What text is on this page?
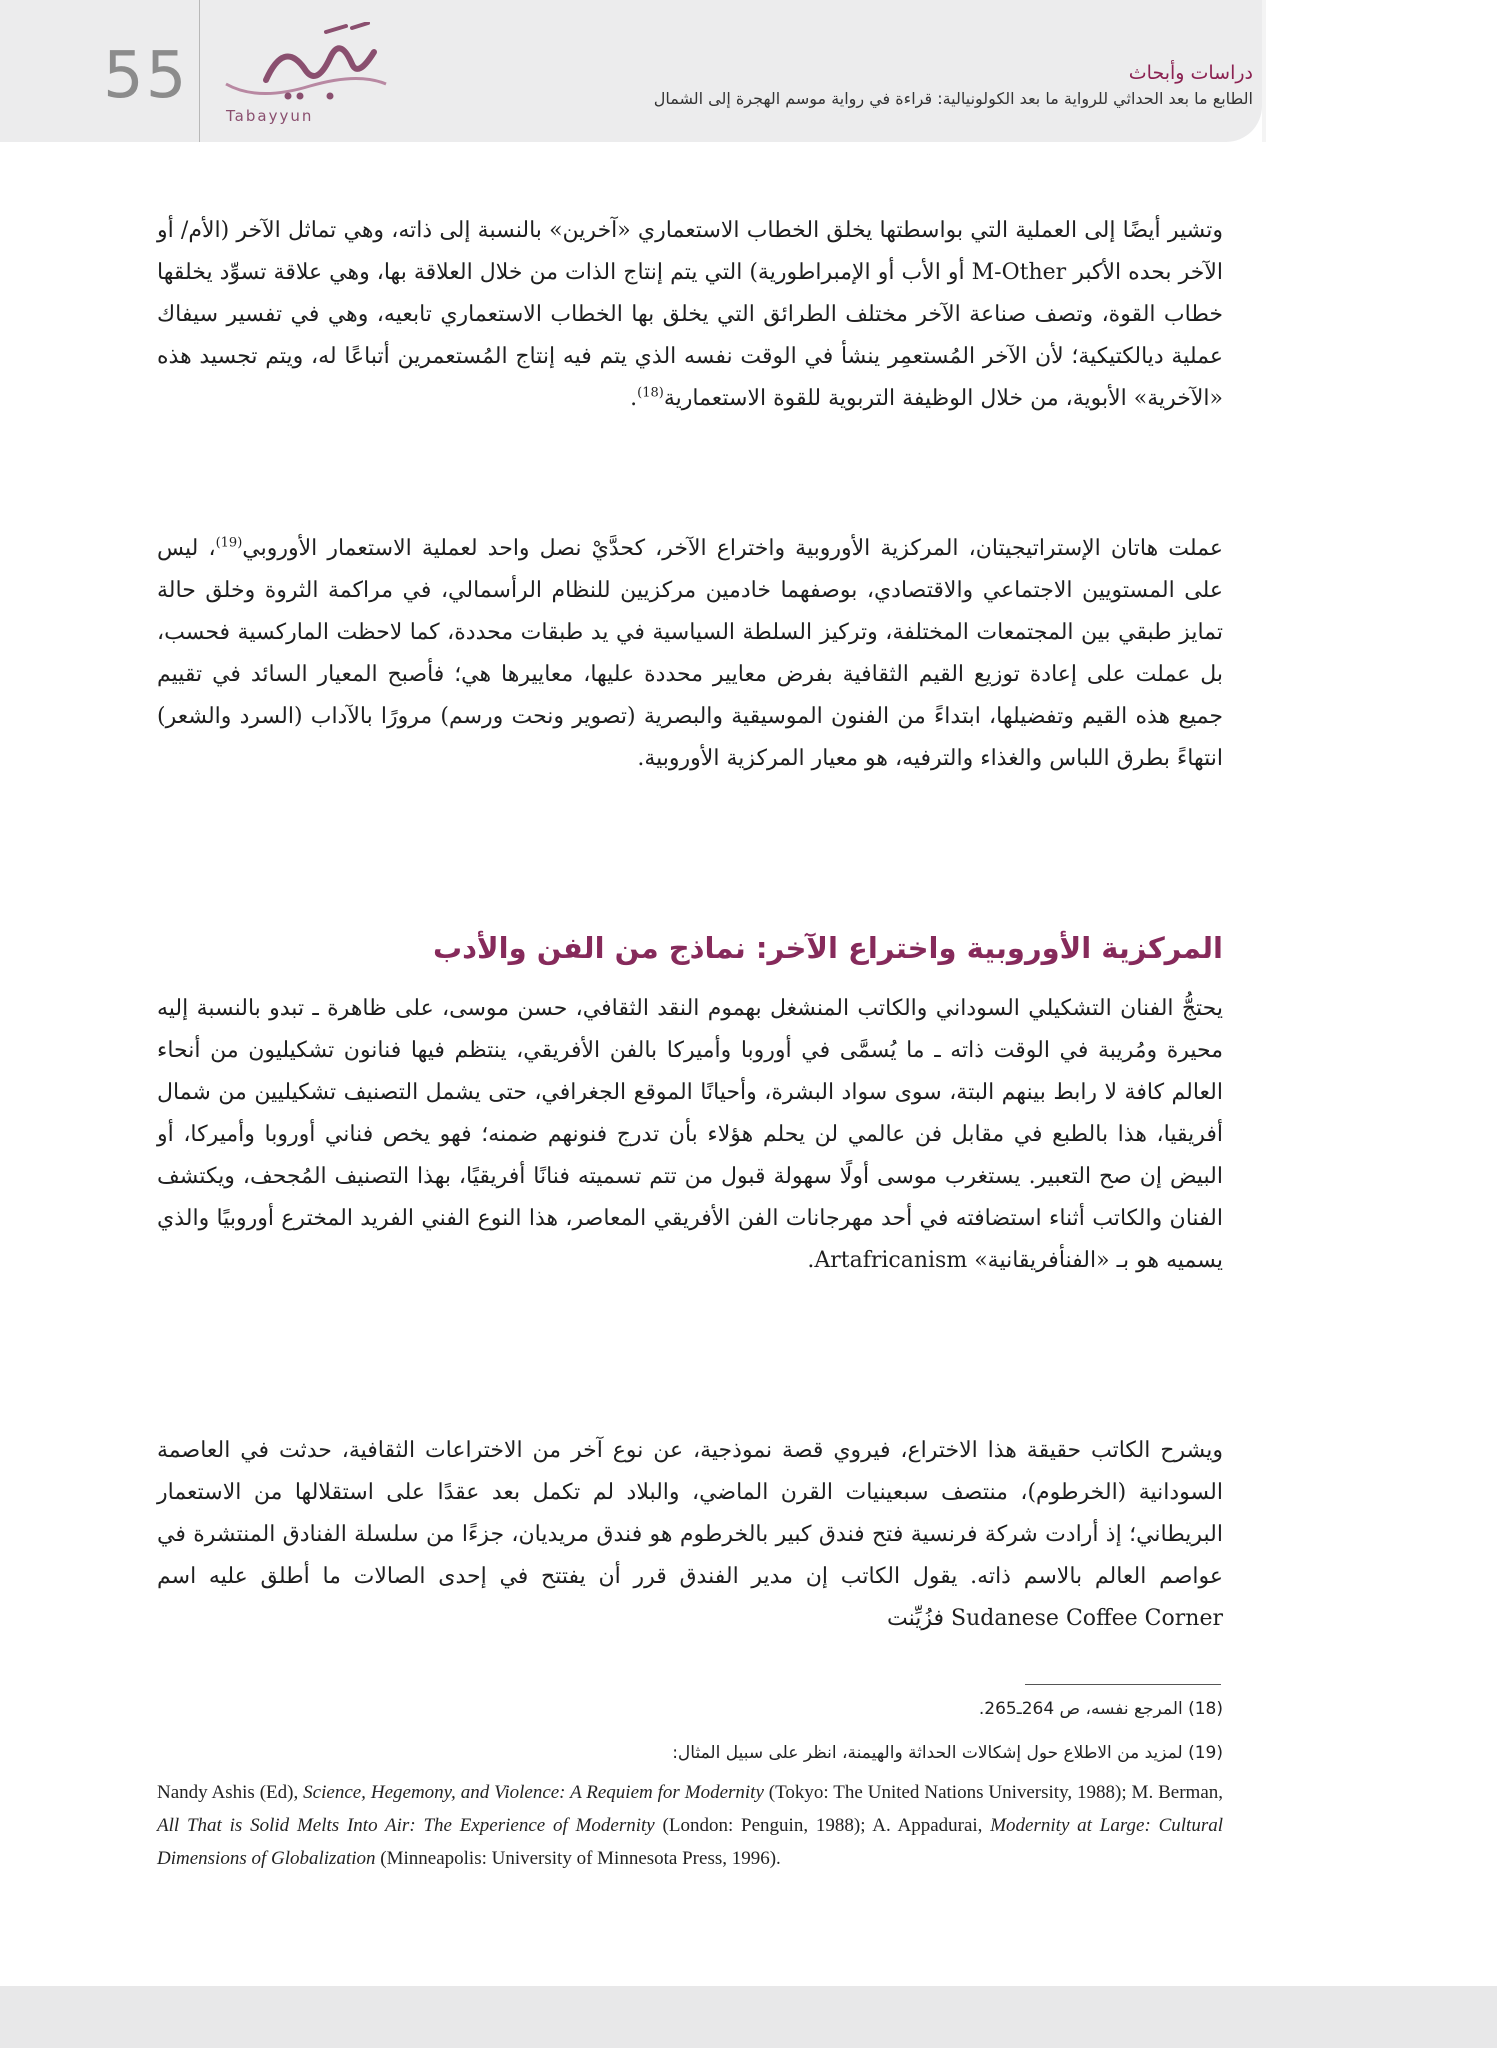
55
Tabayyun
دراسات وأبحاث
الطابع ما بعد الحداثي للرواية ما بعد الكولونيالية: قراءة في رواية موسم الهجرة إلى الشمال

وتشير أيضًا إلى العملية التي بواسطتها يخلق الخطاب الاستعماري «آخرين» بالنسبة إلى ذاته، وهي تماثل الآخر (الأم/ أو الآخر بحده الأكبر M-Other أو الأب أو الإمبراطورية) التي يتم إنتاج الذات من خلال العلاقة بها، وهي علاقة تسوِّد يخلقها خطاب القوة، وتصف صناعة الآخر مختلف الطرائق التي يخلق بها الخطاب الاستعماري تابعيه، وهي في تفسير سيفاك عملية ديالكتيكية؛ لأن الآخر المُستعمِر ينشأ في الوقت نفسه الذي يتم فيه إنتاج المُستعمرين أتباعًا له، ويتم تجسيد هذه «الآخرية» الأبوية، من خلال الوظيفة التربوية للقوة الاستعمارية$^{(18)}$.

عملت هاتان الإستراتيجيتان، المركزية الأوروبية واختراع الآخر، كحدَّيْ نصل واحد لعملية الاستعمار الأوروبي$^{(19)}$، ليس على المستويين الاجتماعي والاقتصادي، بوصفهما خادمين مركزيين للنظام الرأسمالي، في مراكمة الثروة وخلق حالة تمايز طبقي بين المجتمعات المختلفة، وتركيز السلطة السياسية في يد طبقات محددة، كما لاحظت الماركسية فحسب، بل عملت على إعادة توزيع القيم الثقافية بفرض معايير محددة عليها، معاييرها هي؛ فأصبح المعيار السائد في تقييم جميع هذه القيم وتفضيلها، ابتداءً من الفنون الموسيقية والبصرية (تصوير ونحت ورسم) مرورًا بالآداب (السرد والشعر) انتهاءً بطرق اللباس والغذاء والترفيه، هو معيار المركزية الأوروبية.

المركزية الأوروبية واختراع الآخر: نماذج من الفن والأدب

يحتجُّ الفنان التشكيلي السوداني والكاتب المنشغل بهموم النقد الثقافي، حسن موسى، على ظاهرة ـ تبدو بالنسبة إليه محيرة ومُريبة في الوقت ذاته ـ ما يُسمَّى في أوروبا وأميركا بالفن الأفريقي، ينتظم فيها فنانون تشكيليون من أنحاء العالم كافة لا رابط بينهم البتة، سوى سواد البشرة، وأحيانًا الموقع الجغرافي، حتى يشمل التصنيف تشكيليين من شمال أفريقيا، هذا بالطبع في مقابل فن عالمي لن يحلم هؤلاء بأن تدرج فنونهم ضمنه؛ فهو يخص فناني أوروبا وأميركا، أو البيض إن صح التعبير. يستغرب موسى أولًا سهولة قبول من تتم تسميته فنانًا أفريقيًا، بهذا التصنيف المُجحف، ويكتشف الفنان والكاتب أثناء استضافته في أحد مهرجانات الفن الأفريقي المعاصر، هذا النوع الفني الفريد المخترع أوروبيًا والذي يسميه هو بـ «الفنأفريقانية» Artafricanism.

ويشرح الكاتب حقيقة هذا الاختراع، فيروي قصة نموذجية، عن نوع آخر من الاختراعات الثقافية، حدثت في العاصمة السودانية (الخرطوم)، منتصف سبعينيات القرن الماضي، والبلاد لم تكمل بعد عقدًا على استقلالها من الاستعمار البريطاني؛ إذ أرادت شركة فرنسية فتح فندق كبير بالخرطوم هو فندق مريديان، جزءًا من سلسلة الفنادق المنتشرة في عواصم العالم بالاسم ذاته. يقول الكاتب إن مدير الفندق قرر أن يفتتح في إحدى الصالات ما أطلق عليه اسم Sudanese Coffee Corner فزُيِّنت

(18) المرجع نفسه، ص 264ـ265.

(19) لمزيد من الاطلاع حول إشكالات الحداثة والهيمنة، انظر على سبيل المثال:

Nandy Ashis (Ed), Science, Hegemony, and Violence: A Requiem for Modernity (Tokyo: The United Nations University, 1988); M. Berman, All That is Solid Melts Into Air: The Experience of Modernity (London: Penguin, 1988); A. Appadurai, Modernity at Large: Cultural Dimensions of Globalization (Minneapolis: University of Minnesota Press, 1996).
